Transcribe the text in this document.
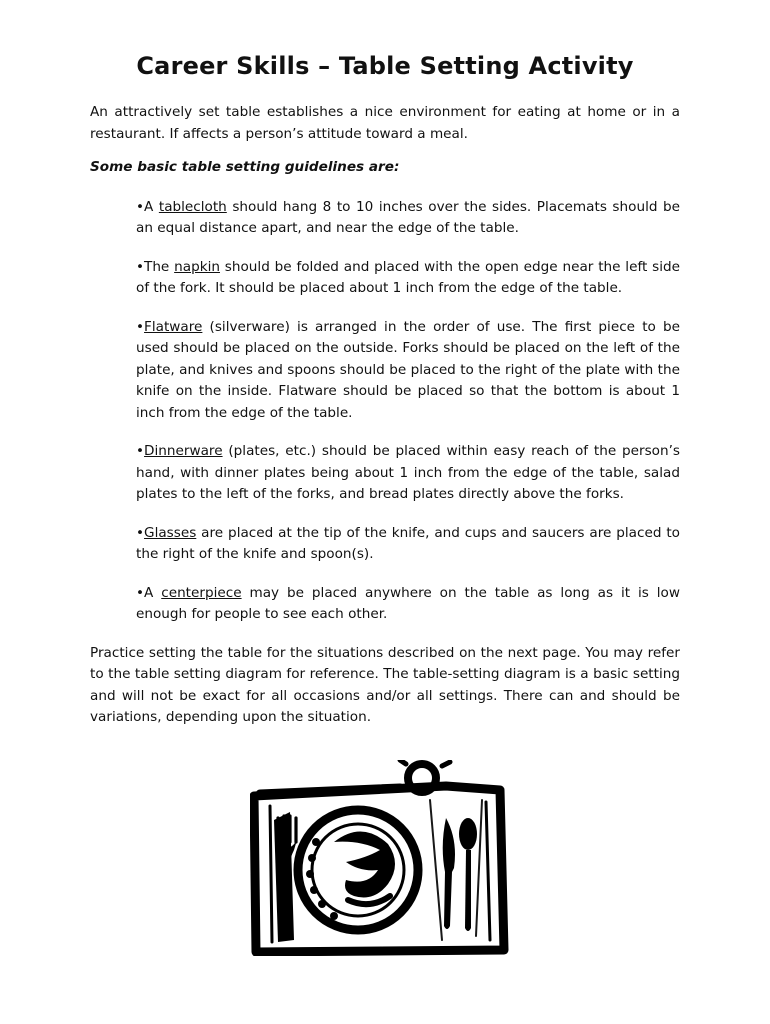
Career Skills – Table Setting Activity

An attractively set table establishes a nice environment for eating at home or in a restaurant. If affects a person’s attitude toward a meal.

Some basic table setting guidelines are:

•A tablecloth should hang 8 to 10 inches over the sides. Placemats should be an equal distance apart, and near the edge of the table.

•The napkin should be folded and placed with the open edge near the left side of the fork. It should be placed about 1 inch from the edge of the table.

•Flatware (silverware) is arranged in the order of use. The first piece to be used should be placed on the outside. Forks should be placed on the left of the plate, and knives and spoons should be placed to the right of the plate with the knife on the inside. Flatware should be placed so that the bottom is about 1 inch from the edge of the table.

•Dinnerware (plates, etc.) should be placed within easy reach of the person’s hand, with dinner plates being about 1 inch from the edge of the table, salad plates to the left of the forks, and bread plates directly above the forks.

•Glasses are placed at the tip of the knife, and cups and saucers are placed to the right of the knife and spoon(s).

•A centerpiece may be placed anywhere on the table as long as it is low enough for people to see each other.

Practice setting the table for the situations described on the next page. You may refer to the table setting diagram for reference. The table-setting diagram is a basic setting and will not be exact for all occasions and/or all settings. There can and should be variations, depending upon the situation.
